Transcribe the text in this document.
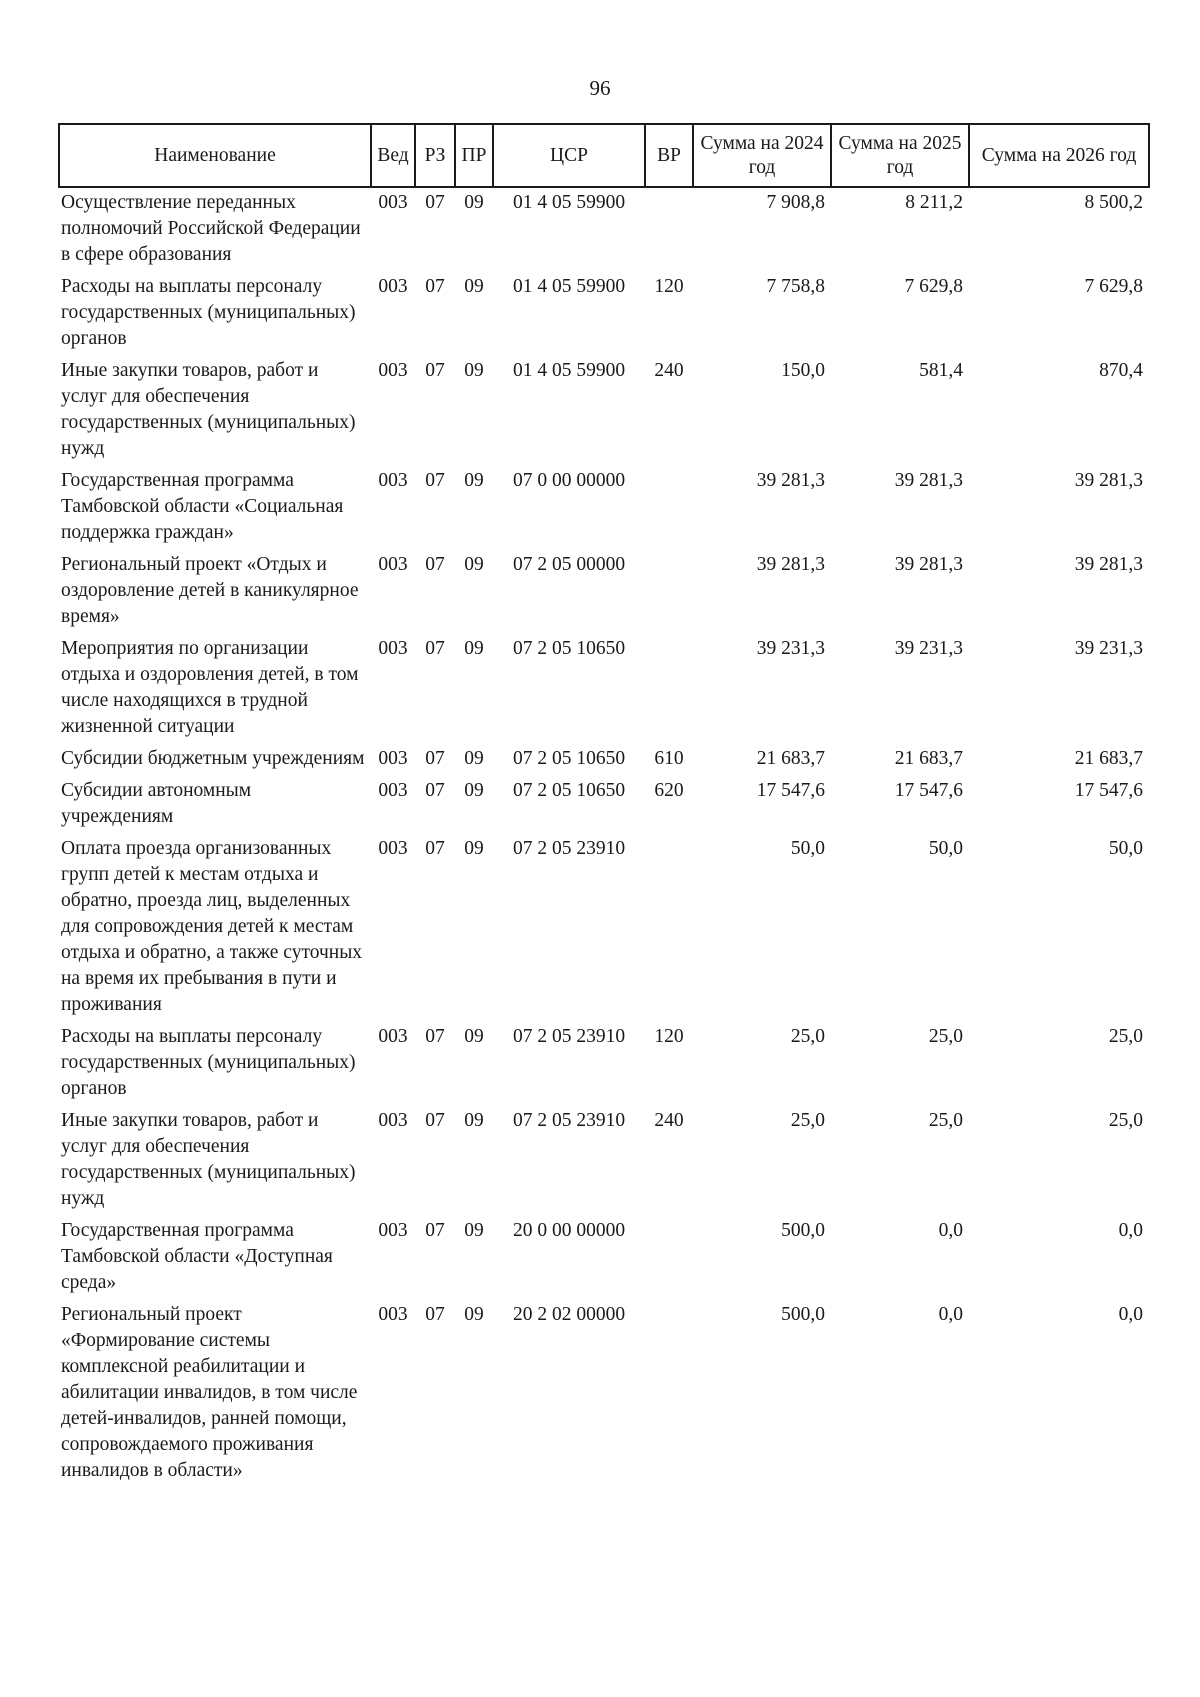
96
Наименование	Вед	РЗ	ПР	ЦСР	ВР	Сумма на 2024 год	Сумма на 2025 год	Сумма на 2026 год
Осуществление переданных полномочий Российской Федерации в сфере образования	003	07	09	01 4 05 59900		7 908,8	8 211,2	8 500,2
Расходы на выплаты персоналу государственных (муниципальных) органов	003	07	09	01 4 05 59900	120	7 758,8	7 629,8	7 629,8
Иные закупки товаров, работ и услуг для обеспечения государственных (муниципальных) нужд	003	07	09	01 4 05 59900	240	150,0	581,4	870,4
Государственная программа Тамбовской области «Социальная поддержка граждан»	003	07	09	07 0 00 00000		39 281,3	39 281,3	39 281,3
Региональный проект «Отдых и оздоровление детей в каникулярное время»	003	07	09	07 2 05 00000		39 281,3	39 281,3	39 281,3
Мероприятия по организации отдыха и оздоровления детей, в том числе находящихся в трудной жизненной ситуации	003	07	09	07 2 05 10650		39 231,3	39 231,3	39 231,3
Субсидии бюджетным учреждениям	003	07	09	07 2 05 10650	610	21 683,7	21 683,7	21 683,7
Субсидии автономным учреждениям	003	07	09	07 2 05 10650	620	17 547,6	17 547,6	17 547,6
Оплата проезда организованных групп детей к местам отдыха и обратно, проезда лиц, выделенных для сопровождения детей к местам отдыха и обратно, а также суточных на время их пребывания в пути и проживания	003	07	09	07 2 05 23910		50,0	50,0	50,0
Расходы на выплаты персоналу государственных (муниципальных) органов	003	07	09	07 2 05 23910	120	25,0	25,0	25,0
Иные закупки товаров, работ и услуг для обеспечения государственных (муниципальных) нужд	003	07	09	07 2 05 23910	240	25,0	25,0	25,0
Государственная программа Тамбовской области «Доступная среда»	003	07	09	20 0 00 00000		500,0	0,0	0,0
Региональный проект «Формирование системы комплексной реабилитации и абилитации инвалидов, в том числе детей-инвалидов, ранней помощи, сопровождаемого проживания инвалидов в области»	003	07	09	20 2 02 00000		500,0	0,0	0,0
